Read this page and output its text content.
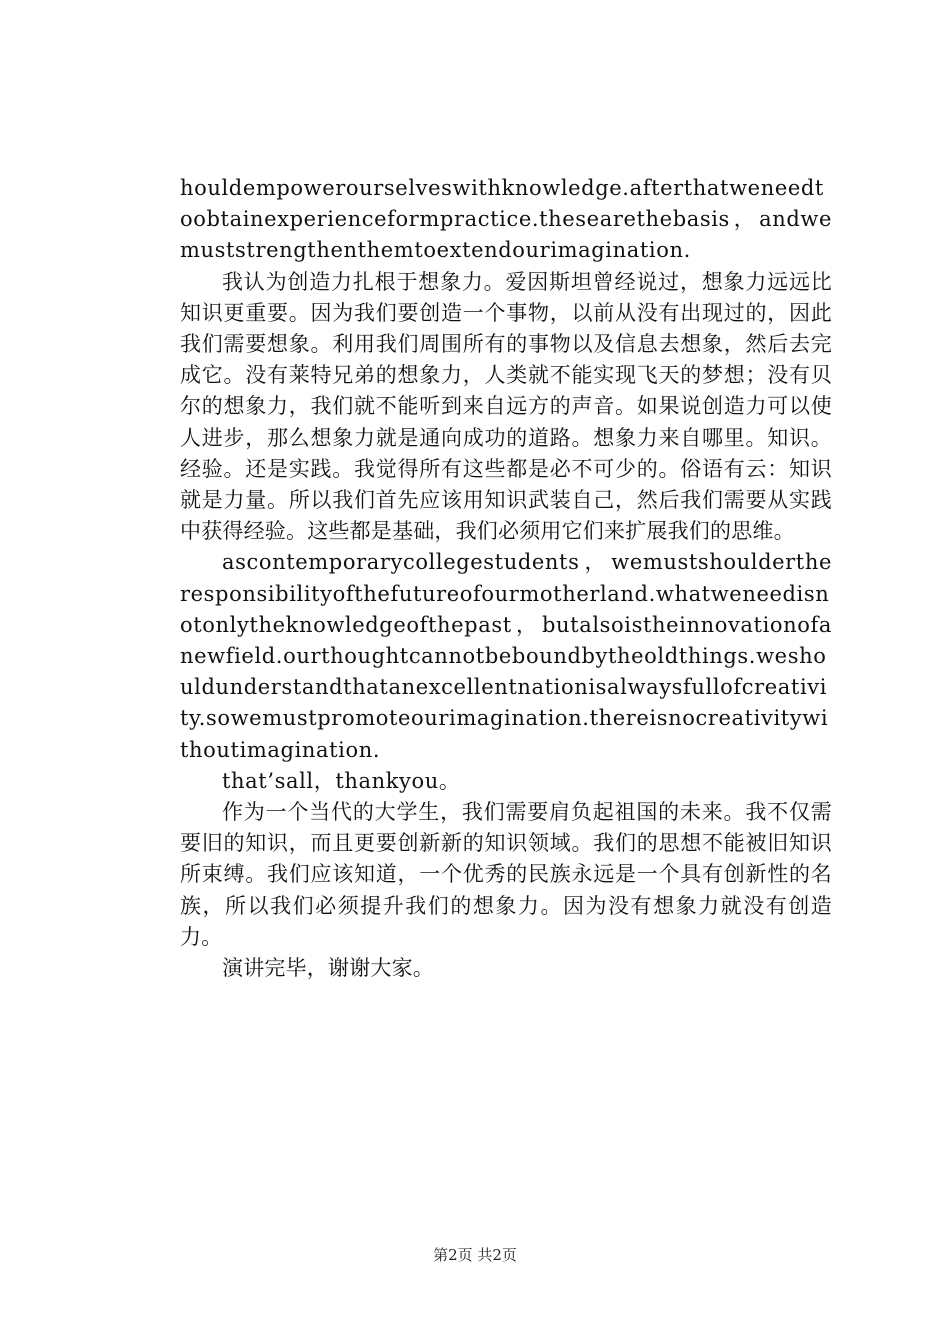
houldempowerourselveswithknowledge.afterthatweneedtoobtainexperienceformpractice.thesearethebasis，andwemuststrengthenthemtoextendourimagination.

我认为创造力扎根于想象力。爱因斯坦曾经说过，想象力远远比知识更重要。因为我们要创造一个事物，以前从没有出现过的，因此我们需要想象。利用我们周围所有的事物以及信息去想象，然后去完成它。没有莱特兄弟的想象力，人类就不能实现飞天的梦想；没有贝尔的想象力，我们就不能听到来自远方的声音。如果说创造力可以使人进步，那么想象力就是通向成功的道路。想象力来自哪里。知识。经验。还是实践。我觉得所有这些都是必不可少的。俗语有云：知识就是力量。所以我们首先应该用知识武装自己，然后我们需要从实践中获得经验。这些都是基础，我们必须用它们来扩展我们的思维。

ascontemporarycollegestudents，wemustshouldertheresponsibilityofthefutureofourmotherland.whatweneedisnotonlytheknowledgeofthepast，butalsoistheinnovationofanewfield.ourthoughtcannotbeboundbytheoldthings.weshouldunderstandthatanexcellentnationisalwaysfullofcreativity.sowemustpromoteourimagination.thereisnocreativitywithoutimagination.

that’sall，thankyou。

作为一个当代的大学生，我们需要肩负起祖国的未来。我不仅需要旧的知识，而且更要创新新的知识领域。我们的思想不能被旧知识所束缚。我们应该知道，一个优秀的民族永远是一个具有创新性的名族，所以我们必须提升我们的想象力。因为没有想象力就没有创造力。

演讲完毕，谢谢大家。

第2页 共2页
